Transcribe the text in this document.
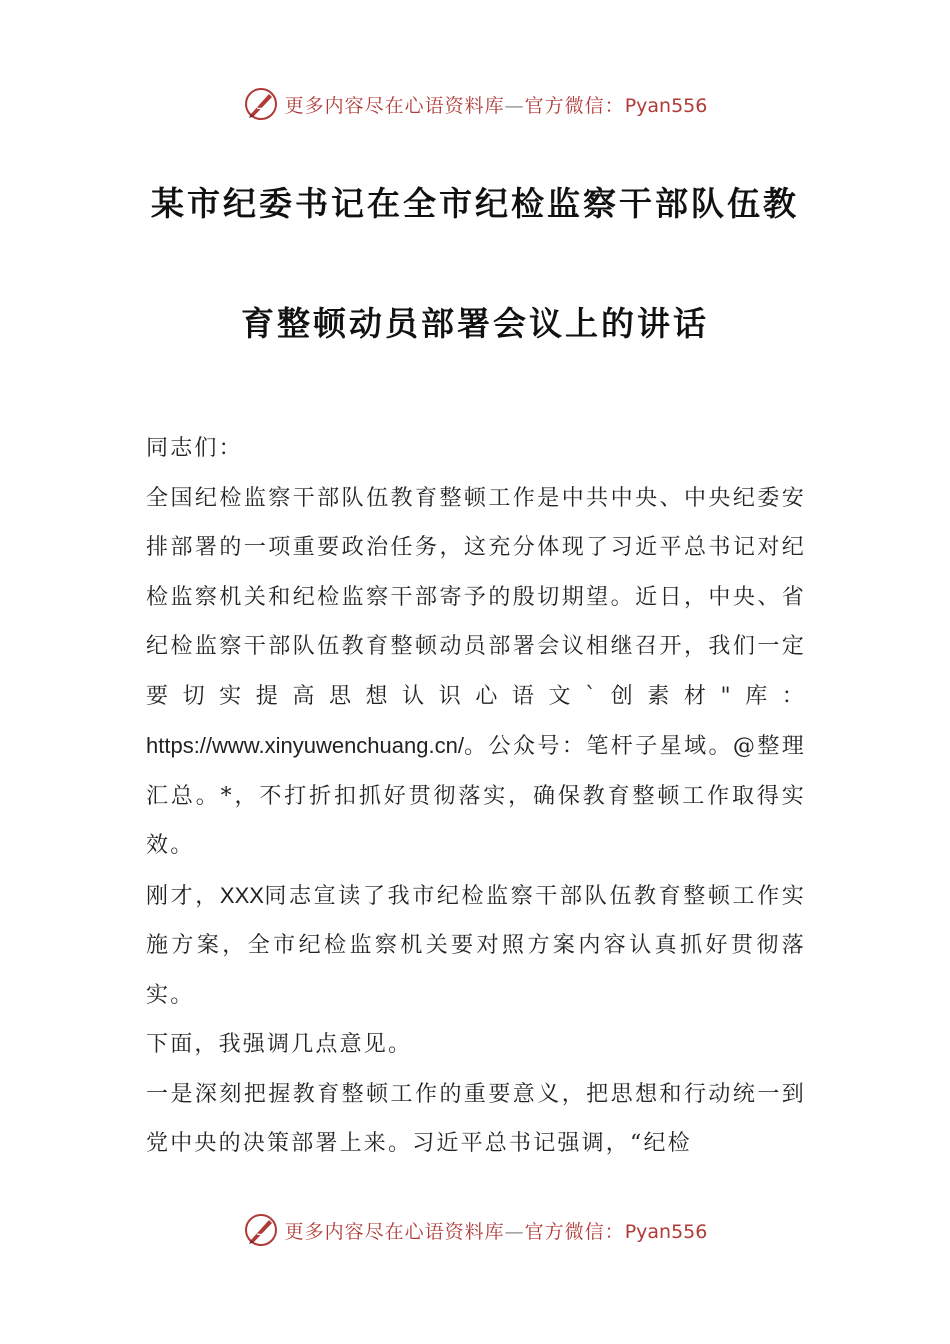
更多内容尽在心语资料库—官方微信：Pyan556
某市纪委书记在全市纪检监察干部队伍教
育整顿动员部署会议上的讲话

同志们：

全国纪检监察干部队伍教育整顿工作是中共中央、中央纪委安排部署的一项重要政治任务，这充分体现了习近平总书记对纪检监察机关和纪检监察干部寄予的殷切期望。近日，中央、省纪检监察干部队伍教育整顿动员部署会议相继召开，我们一定要切实提高思想认识心语文`创素材"库：https://www.xinyuwenchuang.cn/。公众号：笔杆子星域。@整理汇总。*，不打折扣抓好贯彻落实，确保教育整顿工作取得实效。

刚才，XXX同志宣读了我市纪检监察干部队伍教育整顿工作实施方案，全市纪检监察机关要对照方案内容认真抓好贯彻落实。

下面，我强调几点意见。

一是深刻把握教育整顿工作的重要意义，把思想和行动统一到党中央的决策部署上来。习近平总书记强调，“纪检

更多内容尽在心语资料库—官方微信：Pyan556
